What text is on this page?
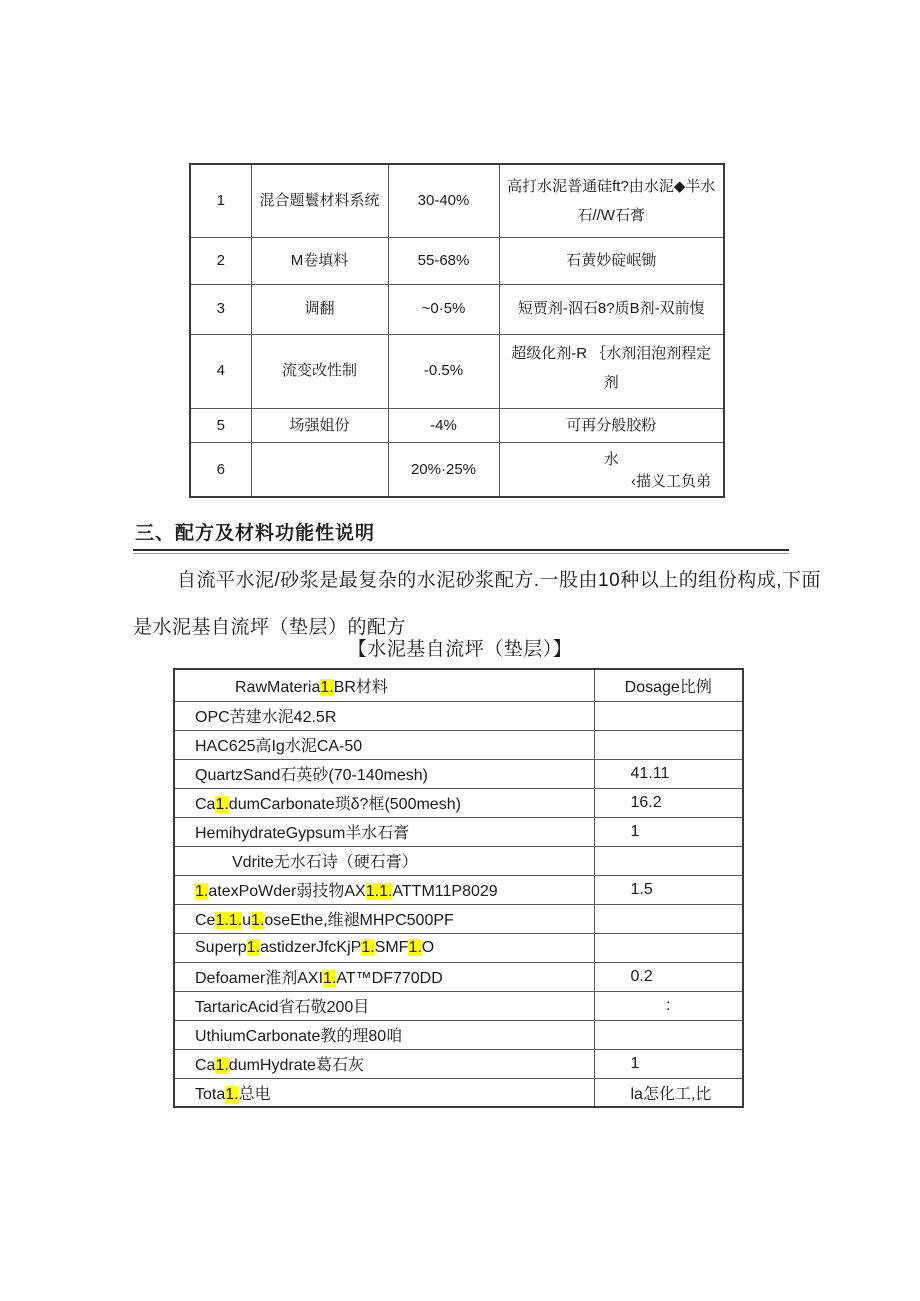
1	混合题鬟材料系统	30-40%	高打水泥普通硅ft?由水泥◆半水石//W石膏
2	M卷填料	55-68%	石黄妙碇岷锄
3	调翻	~0·5%	短贾剂-泅石8?质B剂-双前愎
4	流变改性制	-0.5%	超级化剂-R ｛水剂泪泡剂程定剂
5	场强姐份	-4%	可再分般胶粉
6		20%·25%	水
‹描义工负弟
三、配方及材料功能性说明
自流平水泥/砂浆是最复杂的水泥砂浆配方.一股由10种以上的组份构成,下面
是水泥基自流坪（垫层）的配方
【水泥基自流坪（垫层）】
RawMateria1.BR材料	Dosage比例
OPC苦建水泥42.5R	
HAC625高Ig水泥CA-50	
QuartzSand石英砂(70-140mesh)	41.11
Ca1.dumCarbonate琐δ?框(500mesh)	16.2
HemihydrateGypsum半水石膏	1
Vdrite无水石诗（硬石膏）	
1.atexPoWder弱技物AX1.1.ATTM11P8029	1.5
Ce1.1.u1.oseEthe,维褪MHPC500PF	
Superp1.astidzerJfcKjP1.SMF1.O	
Defoamer淮剂AXI1.AT™DF770DD	0.2
TartaricAcid省石敬200目	:
UthiumCarbonate教的理80咱	
Ca1.dumHydrate葛石灰	1
Tota1.总电	la怎化工,比
